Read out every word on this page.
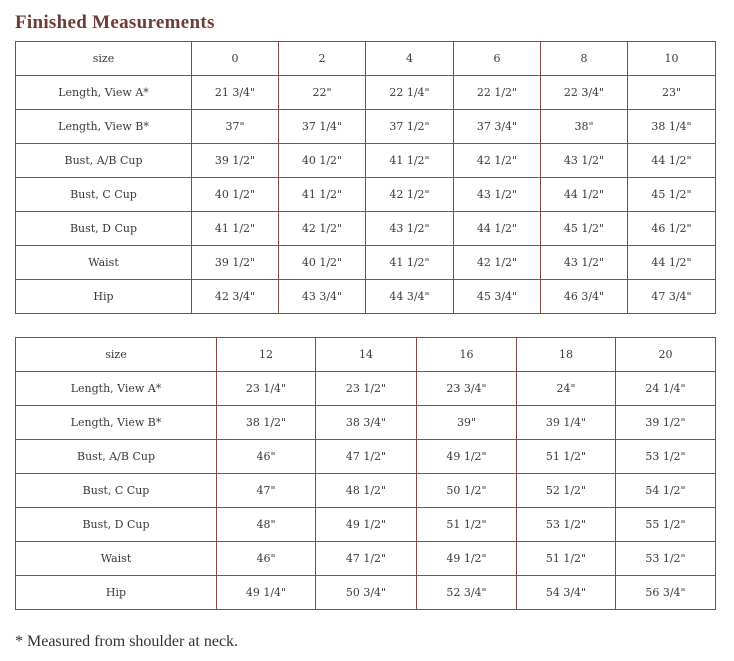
Finished Measurements
size	0	2	4	6	8	10
Length, View A*	21 3/4"	22"	22 1/4"	22 1/2"	22 3/4"	23"
Length, View B*	37"	37 1/4"	37 1/2"	37 3/4"	38"	38 1/4"
Bust, A/B Cup	39 1/2"	40 1/2"	41 1/2"	42 1/2"	43 1/2"	44 1/2"
Bust, C Cup	40 1/2"	41 1/2"	42 1/2"	43 1/2"	44 1/2"	45 1/2"
Bust, D Cup	41 1/2"	42 1/2"	43 1/2"	44 1/2"	45 1/2"	46 1/2"
Waist	39 1/2"	40 1/2"	41 1/2"	42 1/2"	43 1/2"	44 1/2"
Hip	42 3/4"	43 3/4"	44 3/4"	45 3/4"	46 3/4"	47 3/4"
size	12	14	16	18	20
Length, View A*	23 1/4"	23 1/2"	23 3/4"	24"	24 1/4"
Length, View B*	38 1/2"	38 3/4"	39"	39 1/4"	39 1/2"
Bust, A/B Cup	46"	47 1/2"	49 1/2"	51 1/2"	53 1/2"
Bust, C Cup	47"	48 1/2"	50 1/2"	52 1/2"	54 1/2"
Bust, D Cup	48"	49 1/2"	51 1/2"	53 1/2"	55 1/2"
Waist	46"	47 1/2"	49 1/2"	51 1/2"	53 1/2"
Hip	49 1/4"	50 3/4"	52 3/4"	54 3/4"	56 3/4"

* Measured from shoulder at neck.
